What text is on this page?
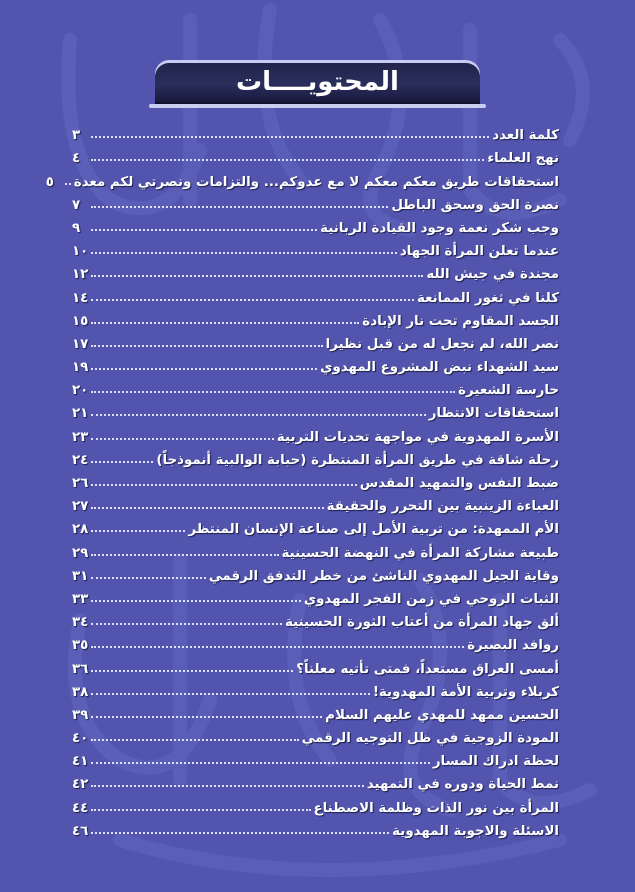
المحتويــــات
كلمة العدد
٣
نهج العلماء
٤
استحقاقات طريق معكم معكم لا مع عدوكم... والتزامات ونصرتي لكم معدة
٥
نصرة الحق وسحق الباطل
٧
وجب شكر نعمة وجود القيادة الربانية
٩
عندما تعلن المرأة الجهاد
١٠
مجندة في جيش الله
١٢
كلنا في ثغور الممانعة
١٤
الجسد المقاوم تحت نار الإبادة
١٥
نصر الله، لم نجعل له من قبل نظيرا
١٧
سيد الشهداء نبض المشروع المهدوي
١٩
حارسة الشعيرة
٢٠
استحقاقات الانتظار
٢١
الأسرة المهدوية في مواجهة تحديات التربية
٢٣
رحلة شاقة في طريق المرأة المنتظرة (حبابة الوالبية أنموذجاً)
٢٤
ضبط النفس والتمهيد المقدس
٢٦
العباءة الزينبية بين التحرر والحقيقة
٢٧
الأم الممهدة: من تربية الأمل إلى صناعة الإنسان المنتظر
٢٨
طبيعة مشاركة المرأة في النهضة الحسينية
٢٩
وقاية الجيل المهدوي الناشئ من خطر التدفق الرقمي
٣١
الثبات الروحي في زمن الفجر المهدوي
٣٣
ألق جهاد المرأة من أعتاب الثورة الحسينية
٣٤
روافد البصيرة
٣٥
أمسى العراق مستعداً، فمتى تأتيه معلناً؟
٣٦
كربلاء وتربية الأمة المهدوية!
٣٨
الحسين ممهد للمهدي عليهم السلام
٣٩
المودة الزوجية في ظل التوجيه الرقمي
٤٠
لحظة ادراك المسار
٤١
نمط الحياة ودوره في التمهيد
٤٢
المرأة بين نور الذات وظلمة الاصطناع
٤٤
الاسئلة والاجوبة المهدوية
٤٦
